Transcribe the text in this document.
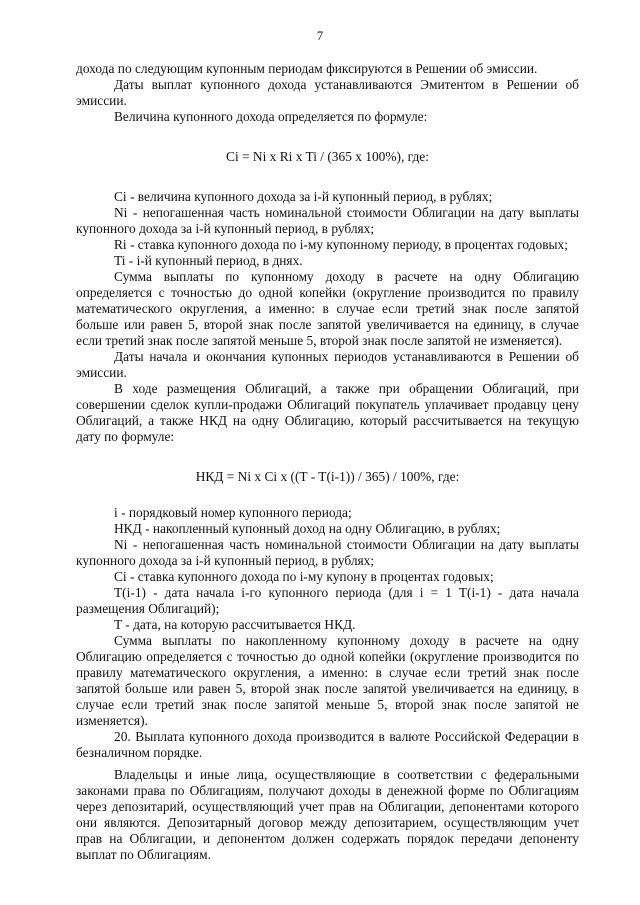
7

дохода по следующим купонным периодам фиксируются в Решении об эмиссии.

Даты выплат купонного дохода устанавливаются Эмитентом в Решении об эмиссии.

Величина купонного дохода определяется по формуле:

Ci = Ni x Ri x Ti / (365 x 100%), где:

Ci - величина купонного дохода за i-й купонный период, в рублях;

Ni - непогашенная часть номинальной стоимости Облигации на дату выплаты купонного дохода за i-й купонный период, в рублях;

Ri - ставка купонного дохода по i-му купонному периоду, в процентах годовых;

Ti - i-й купонный период, в днях.

Сумма выплаты по купонному доходу в расчете на одну Облигацию определяется с точностью до одной копейки (округление производится по правилу математического округления, а именно: в случае если третий знак после запятой больше или равен 5, второй знак после запятой увеличивается на единицу, в случае если третий знак после запятой меньше 5, второй знак после запятой не изменяется).

Даты начала и окончания купонных периодов устанавливаются в Решении об эмиссии.

В ходе размещения Облигаций, а также при обращении Облигаций, при совершении сделок купли-продажи Облигаций покупатель уплачивает продавцу цену Облигаций, а также НКД на одну Облигацию, который рассчитывается на текущую дату по формуле:

НКД = Ni x Ci x ((T - T(i-1)) / 365) / 100%, где:

i - порядковый номер купонного периода;

НКД - накопленный купонный доход на одну Облигацию, в рублях;

Ni - непогашенная часть номинальной стоимости Облигации на дату выплаты купонного дохода за i-й купонный период, в рублях;

Ci - ставка купонного дохода по i-му купону в процентах годовых;

T(i-1) - дата начала i-го купонного периода (для i = 1 T(i-1) - дата начала размещения Облигаций);

T - дата, на которую рассчитывается НКД.

Сумма выплаты по накопленному купонному доходу в расчете на одну Облигацию определяется с точностью до одной копейки (округление производится по правилу математического округления, а именно: в случае если третий знак после запятой больше или равен 5, второй знак после запятой увеличивается на единицу, в случае если третий знак после запятой меньше 5, второй знак после запятой не изменяется).

20. Выплата купонного дохода производится в валюте Российской Федерации в безналичном порядке.

Владельцы и иные лица, осуществляющие в соответствии с федеральными законами права по Облигациям, получают доходы в денежной форме по Облигациям через депозитарий, осуществляющий учет прав на Облигации, депонентами которого они являются. Депозитарный договор между депозитарием, осуществляющим учет прав на Облигации, и депонентом должен содержать порядок передачи депоненту выплат по Облигациям.
